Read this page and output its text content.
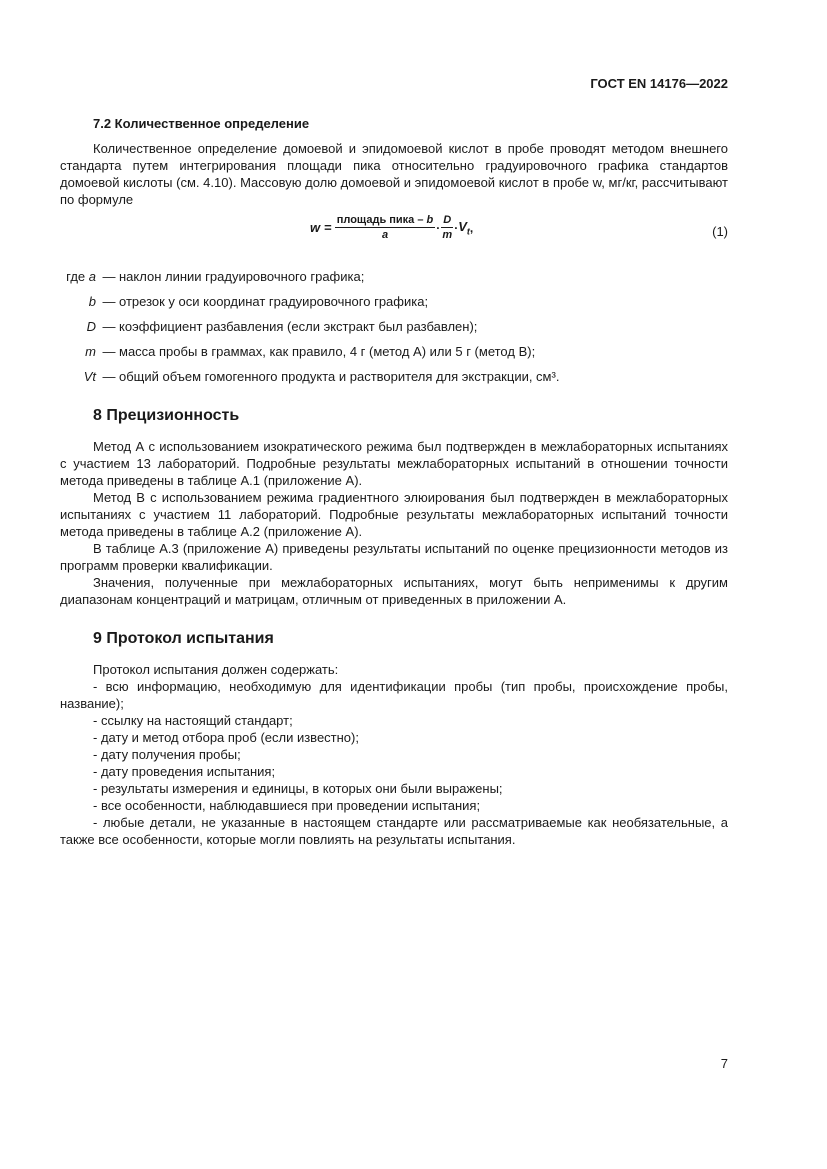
ГОСТ EN 14176—2022
7.2 Количественное определение

Количественное определение домоевой и эпидомоевой кислот в пробе проводят методом внешнего стандарта путем интегрирования площади пика относительно градуировочного графика стандартов домоевой кислоты (см. 4.10). Массовую долю домоевой и эпидомоевой кислот в пробе w, мг/кг, рассчитывают по формуле

$w = \frac{\text{площадь пика – b}}{a} \cdot \frac{D}{m} \cdot V_t$ ,	(1)
где a — наклон линии градуировочного графика;
b — отрезок у оси координат градуировочного графика;
D — коэффициент разбавления (если экстракт был разбавлен);
m — масса пробы в граммах, как правило, 4 г (метод А) или 5 г (метод В);
Vt — общий объем гомогенного продукта и растворителя для экстракции, см³.
8 Прецизионность

Метод А с использованием изократического режима был подтвержден в межлабораторных испытаниях с участием 13 лабораторий. Подробные результаты межлабораторных испытаний в отношении точности метода приведены в таблице А.1 (приложение А).

Метод В с использованием режима градиентного элюирования был подтвержден в межлабораторных испытаниях с участием 11 лабораторий. Подробные результаты межлабораторных испытаний точности метода приведены в таблице А.2 (приложение А).

В таблице А.3 (приложение А) приведены результаты испытаний по оценке прецизионности методов из программ проверки квалификации.

Значения, полученные при межлабораторных испытаниях, могут быть неприменимы к другим диапазонам концентраций и матрицам, отличным от приведенных в приложении А.

9 Протокол испытания

Протокол испытания должен содержать:

- всю информацию, необходимую для идентификации пробы (тип пробы, происхождение пробы, название);
- ссылку на настоящий стандарт;
- дату и метод отбора проб (если известно);
- дату получения пробы;
- дату проведения испытания;
- результаты измерения и единицы, в которых они были выражены;
- все особенности, наблюдавшиеся при проведении испытания;
- любые детали, не указанные в настоящем стандарте или рассматриваемые как необязательные, а также все особенности, которые могли повлиять на результаты испытания.
7
